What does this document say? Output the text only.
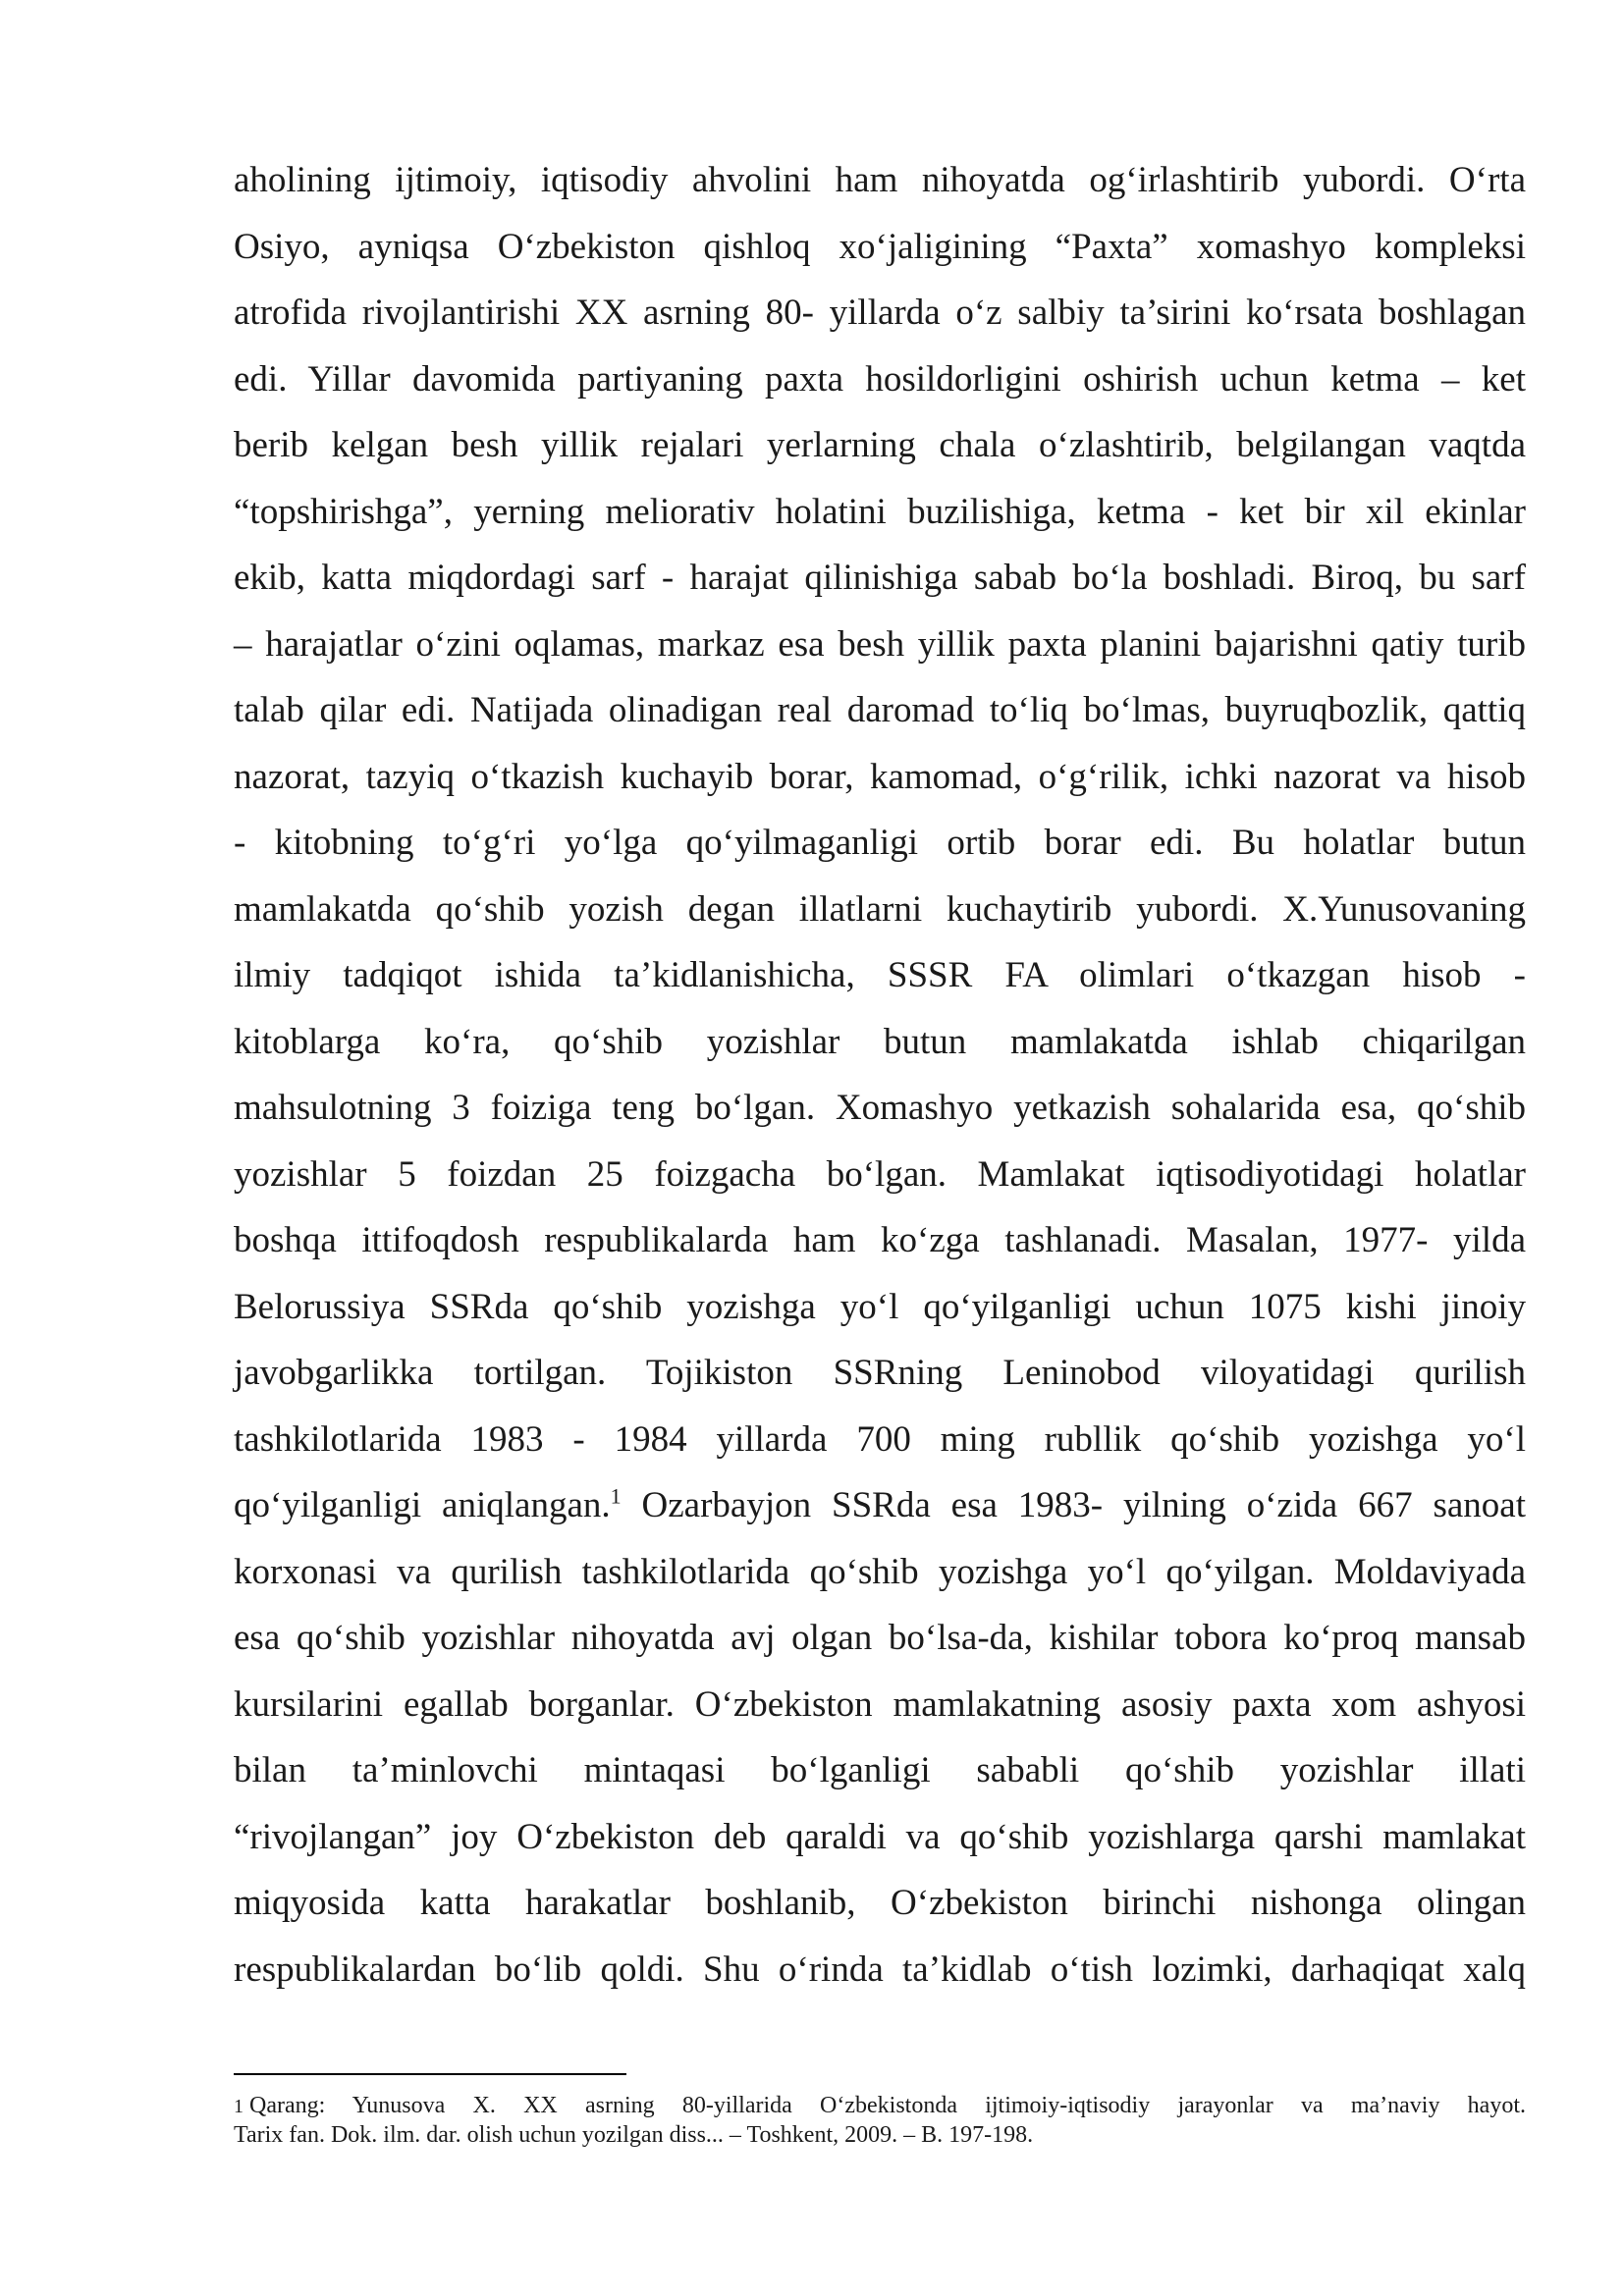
aholining ijtimoiy, iqtisodiy ahvolini ham nihoyatda og‘irlashtirib yubordi. O‘rta
Osiyo, ayniqsa O‘zbekiston qishloq xo‘jaligining “Paxta” xomashyo kompleksi
atrofida rivojlantirishi XX asrning 80- yillarda o‘z salbiy ta’sirini ko‘rsata boshlagan
edi. Yillar davomida partiyaning paxta hosildorligini oshirish uchun ketma – ket
berib kelgan besh yillik rejalari yerlarning chala o‘zlashtirib, belgilangan vaqtda
“topshirishga”, yerning meliorativ holatini buzilishiga, ketma - ket bir xil ekinlar
ekib, katta miqdordagi sarf - harajat qilinishiga sabab bo‘la boshladi. Biroq, bu sarf
– harajatlar o‘zini oqlamas, markaz esa besh yillik paxta planini bajarishni qatiy turib
talab qilar edi. Natijada olinadigan real daromad to‘liq bo‘lmas, buyruqbozlik, qattiq
nazorat, tazyiq o‘tkazish kuchayib borar, kamomad, o‘g‘rilik, ichki nazorat va hisob
- kitobning to‘g‘ri yo‘lga qo‘yilmaganligi ortib borar edi. Bu holatlar butun
mamlakatda qo‘shib yozish degan illatlarni kuchaytirib yubordi. X.Yunusovaning
ilmiy tadqiqot ishida ta’kidlanishicha, SSSR FA olimlari o‘tkazgan hisob -
kitoblarga ko‘ra, qo‘shib yozishlar butun mamlakatda ishlab chiqarilgan
mahsulotning 3 foiziga teng bo‘lgan. Xomashyo yetkazish sohalarida esa, qo‘shib
yozishlar 5 foizdan 25 foizgacha bo‘lgan. Mamlakat iqtisodiyotidagi holatlar
boshqa ittifoqdosh respublikalarda ham ko‘zga tashlanadi. Masalan, 1977- yilda
Belorussiya SSRda qo‘shib yozishga yo‘l qo‘yilganligi uchun 1075 kishi jinoiy
javobgarlikka tortilgan. Tojikiston SSRning Leninobod viloyatidagi qurilish
tashkilotlarida 1983 - 1984 yillarda 700 ming rubllik qo‘shib yozishga yo‘l
qo‘yilganligi aniqlangan.$^1$ Ozarbayjon SSRda esa 1983- yilning o‘zida 667 sanoat
korxonasi va qurilish tashkilotlarida qo‘shib yozishga yo‘l qo‘yilgan. Moldaviyada
esa qo‘shib yozishlar nihoyatda avj olgan bo‘lsa-da, kishilar tobora ko‘proq mansab
kursilarini egallab borganlar. O‘zbekiston mamlakatning asosiy paxta xom ashyosi
bilan ta’minlovchi mintaqasi bo‘lganligi sababli qo‘shib yozishlar illati
“rivojlangan” joy O‘zbekiston deb qaraldi va qo‘shib yozishlarga qarshi mamlakat
miqyosida katta harakatlar boshlanib, O‘zbekiston birinchi nishonga olingan
respublikalardan bo‘lib qoldi. Shu o‘rinda ta’kidlab o‘tish lozimki, darhaqiqat xalq
1 Qarang: Yunusova X. XX asrning 80-yillarida O‘zbekistonda ijtimoiy-iqtisodiy jarayonlar va ma’naviy hayot.
Tarix fan. Dok. ilm. dar. olish uchun yozilgan diss... – Toshkent, 2009. – B. 197-198.
